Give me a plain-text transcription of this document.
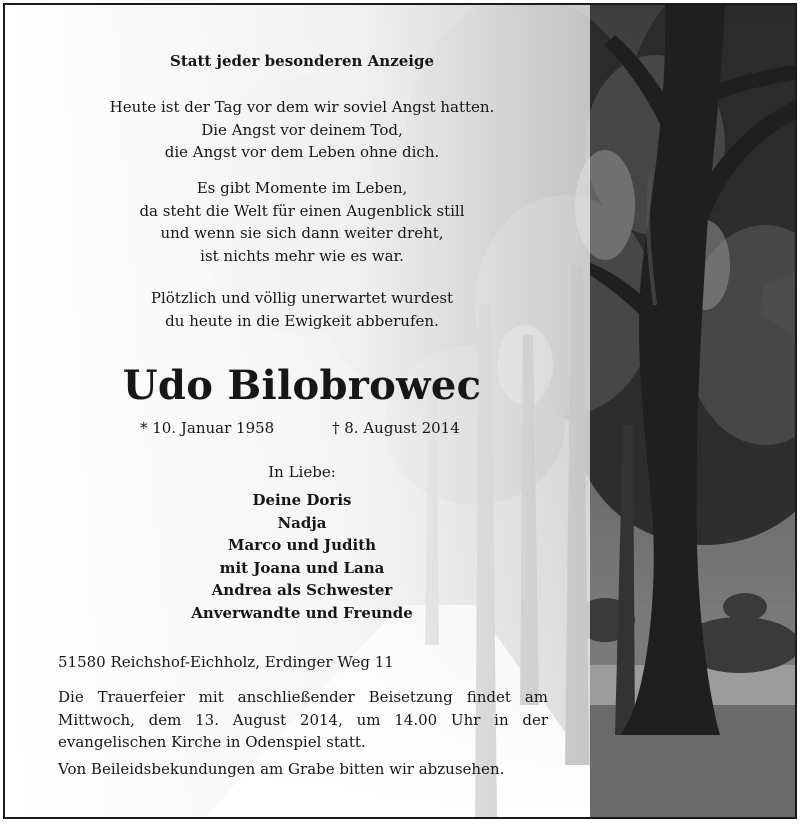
Statt jeder besonderen Anzeige
Heute ist der Tag vor dem wir soviel Angst hatten.
Die Angst vor deinem Tod,
die Angst vor dem Leben ohne dich.
Es gibt Momente im Leben,
da steht die Welt für einen Augenblick still
und wenn sie sich dann weiter dreht,
ist nichts mehr wie es war.
Plötzlich und völlig unerwartet wurdest
du heute in die Ewigkeit abberufen.
Udo Bilobrowec
* 10. Januar 1958	† 8. August 2014
In Liebe:
Deine Doris
Nadja
Marco und Judith
mit Joana und Lana
Andrea als Schwester
Anverwandte und Freunde
51580 Reichshof-Eichholz, Erdinger Weg 11
Die Trauerfeier mit anschließender Beisetzung findet am Mittwoch, dem 13. August 2014, um 14.00 Uhr in der evangelischen Kirche in Odenspiel statt.
Von Beileidsbekundungen am Grabe bitten wir abzusehen.
